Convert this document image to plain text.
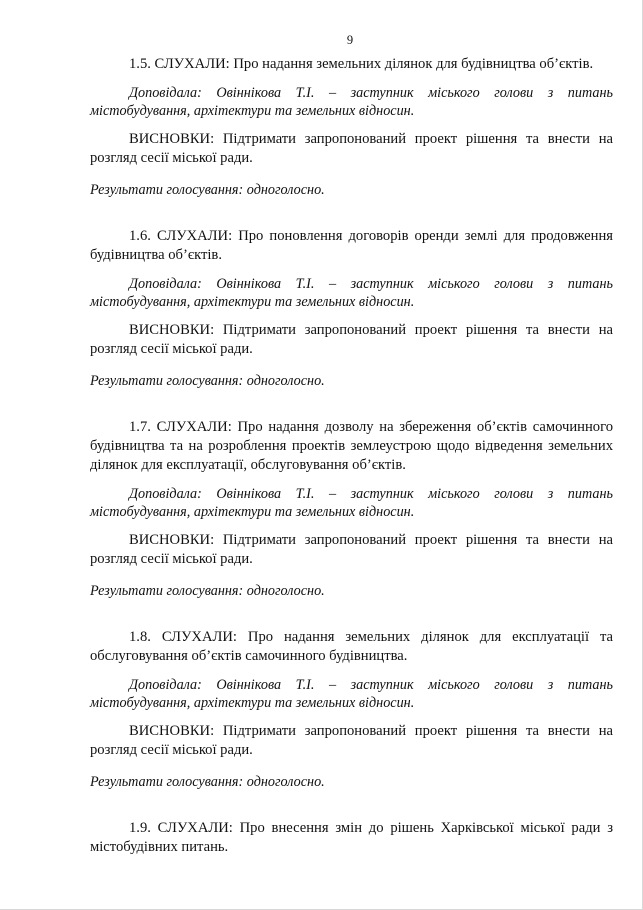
9

1.5. СЛУХАЛИ: Про надання земельних ділянок для будівництва об’єктів.

Доповідала: Овіннікова Т.І. – заступник міського голови з питань містобудування, архітектури та земельних відносин.

ВИСНОВКИ: Підтримати запропонований проект рішення та внести на розгляд сесії міської ради.

Результати голосування: одноголосно.

1.6. СЛУХАЛИ: Про поновлення договорів оренди землі для продовження будівництва об’єктів.

Доповідала: Овіннікова Т.І. – заступник міського голови з питань містобудування, архітектури та земельних відносин.

ВИСНОВКИ: Підтримати запропонований проект рішення та внести на розгляд сесії міської ради.

Результати голосування: одноголосно.

1.7. СЛУХАЛИ: Про надання дозволу на збереження об’єктів самочинного будівництва та на розроблення проектів землеустрою щодо відведення земельних ділянок для експлуатації, обслуговування об’єктів.

Доповідала: Овіннікова Т.І. – заступник міського голови з питань містобудування, архітектури та земельних відносин.

ВИСНОВКИ: Підтримати запропонований проект рішення та внести на розгляд сесії міської ради.

Результати голосування: одноголосно.

1.8. СЛУХАЛИ: Про надання земельних ділянок для експлуатації та обслуговування об’єктів самочинного будівництва.

Доповідала: Овіннікова Т.І. – заступник міського голови з питань містобудування, архітектури та земельних відносин.

ВИСНОВКИ: Підтримати запропонований проект рішення та внести на розгляд сесії міської ради.

Результати голосування: одноголосно.

1.9. СЛУХАЛИ: Про внесення змін до рішень Харківської міської ради з містобудівних питань.
